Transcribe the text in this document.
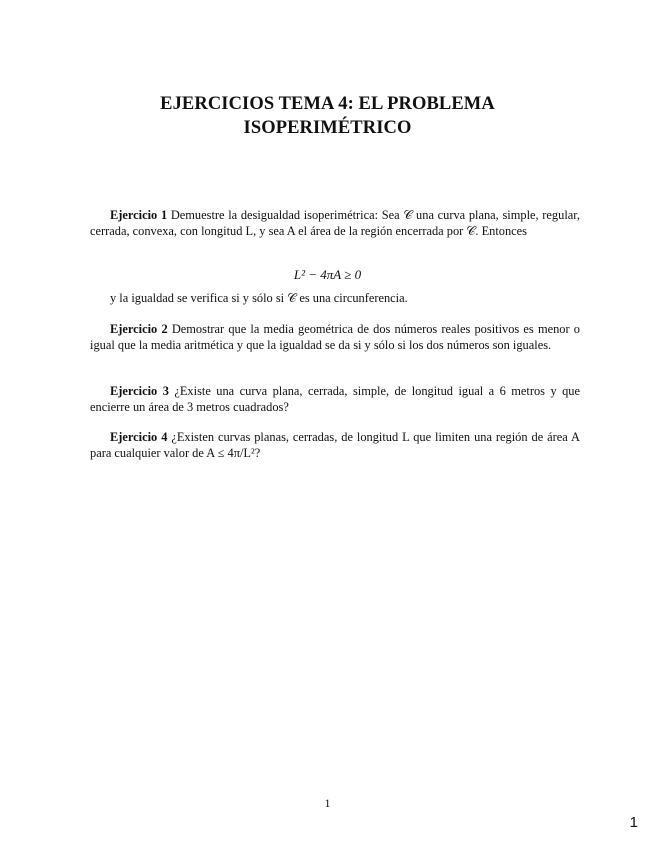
EJERCICIOS TEMA 4: EL PROBLEMA
ISOPERIMÉTRICO
Ejercicio 1 Demuestre la desigualdad isoperimétrica: Sea 𝒞 una curva plana, simple, regular, cerrada, convexa, con longitud L, y sea A el área de la región encerrada por 𝒞. Entonces
L² − 4πA ≥ 0
y la igualdad se verifica si y sólo si 𝒞 es una circunferencia.
Ejercicio 2 Demostrar que la media geométrica de dos números reales positivos es menor o igual que la media aritmética y que la igualdad se da si y sólo si los dos números son iguales.
Ejercicio 3 ¿Existe una curva plana, cerrada, simple, de longitud igual a 6 metros y que encierre un área de 3 metros cuadrados?
Ejercicio 4 ¿Existen curvas planas, cerradas, de longitud L que limiten una región de área A para cualquier valor de A ≤ 4π/L²?
1
1
